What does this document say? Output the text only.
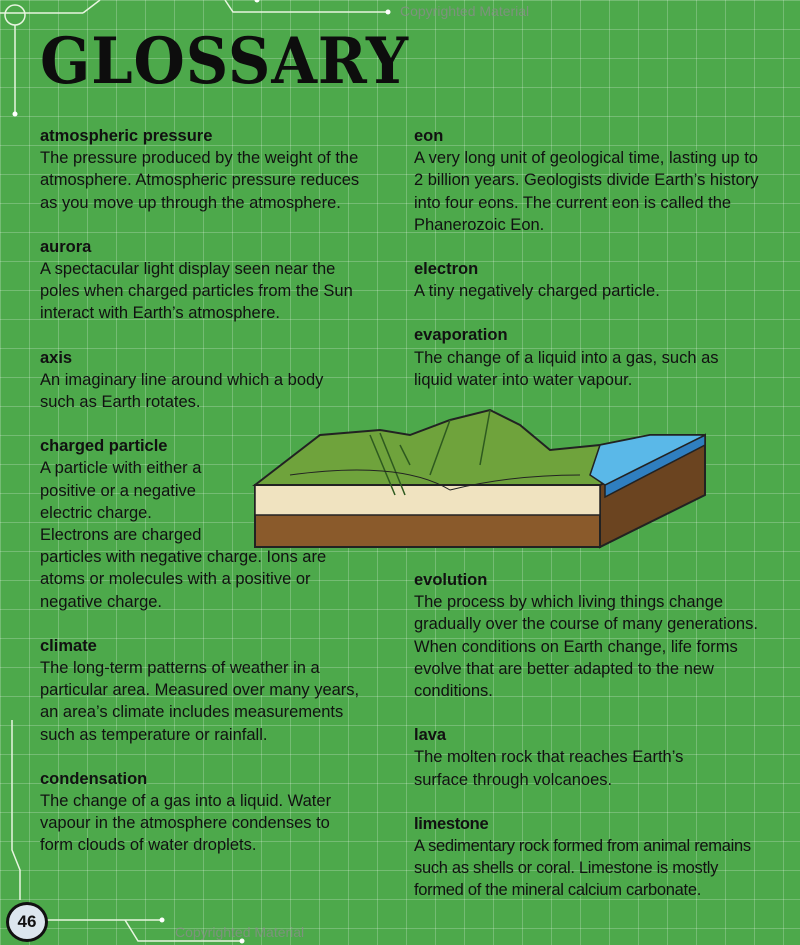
GLOSSARY
Copyrighted Material
Copyrighted Material
atmospheric pressure
The pressure produced by the weight of the atmosphere. Atmospheric pressure reduces as you move up through the atmosphere.
aurora
A spectacular light display seen near the poles when charged particles from the Sun interact with Earth’s atmosphere.
axis
An imaginary line around which a body such as Earth rotates.
charged particle
A particle with either a positive or a negative electric charge. Electrons are charged
particles with negative charge. Ions are atoms or molecules with a positive or negative charge.
climate
The long-term patterns of weather in a particular area. Measured over many years, an area’s climate includes measurements such as temperature or rainfall.
condensation
The change of a gas into a liquid. Water vapour in the atmosphere condenses to form clouds of water droplets.
eon
A very long unit of geological time, lasting up to 2 billion years. Geologists divide Earth’s history into four eons. The current eon is called the Phanerozoic Eon.
electron
A tiny negatively charged particle.
evaporation
The change of a liquid into a gas, such as liquid water into water vapour.
evolution
The process by which living things change gradually over the course of many generations. When conditions on Earth change, life forms evolve that are better adapted to the new conditions.
lava
The molten rock that reaches Earth’s surface through volcanoes.
limestone
A sedimentary rock formed from animal remains such as shells or coral. Limestone is mostly formed of the mineral calcium carbonate.
46
